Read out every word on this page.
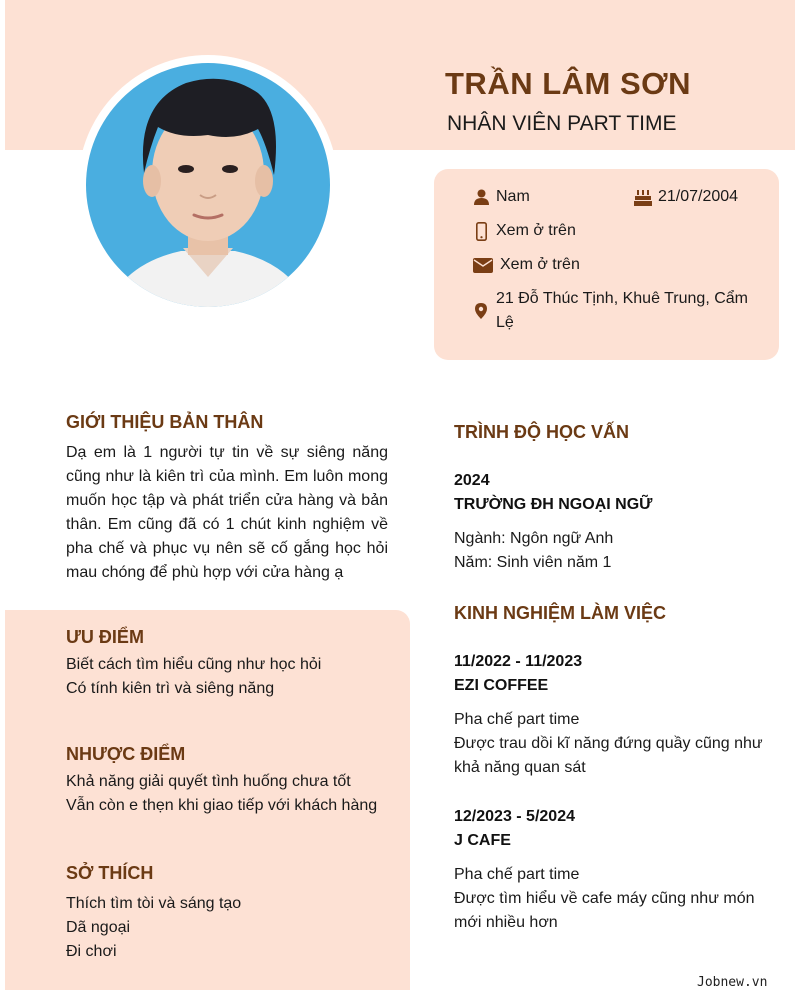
TRẦN LÂM SƠN
NHÂN VIÊN PART TIME
Nam	21/07/2004
Xem ở trên
Xem ở trên
21 Đỗ Thúc Tịnh, Khuê Trung, Cẩm Lệ
GIỚI THIỆU BẢN THÂN
Dạ em là 1 người tự tin về sự siêng năng cũng như là kiên trì của mình. Em luôn mong muốn học tập và phát triển cửa hàng và bản thân. Em cũng đã có 1 chút kinh nghiệm về pha chế và phục vụ nên sẽ cố gắng học hỏi mau chóng để phù hợp với cửa hàng ạ
ƯU ĐIỂM
Biết cách tìm hiểu cũng như học hỏi
Có tính kiên trì và siêng năng
NHƯỢC ĐIỂM
Khả năng giải quyết tình huống chưa tốt
Vẫn còn e thẹn khi giao tiếp với khách hàng
SỞ THÍCH
Thích tìm tòi và sáng tạo
Dã ngoại
Đi chơi
TRÌNH ĐỘ HỌC VẤN
2024
TRƯỜNG ĐH NGOẠI NGỮ
Ngành: Ngôn ngữ Anh
Năm: Sinh viên năm 1
KINH NGHIỆM LÀM VIỆC
11/2022 - 11/2023
EZI COFFEE
Pha chế part time
Được trau dồi kĩ năng đứng quầy cũng như khả năng quan sát
12/2023 - 5/2024
J CAFE
Pha chế part time
Được tìm hiểu về cafe máy cũng như món mới nhiều hơn
Jobnew.vn
